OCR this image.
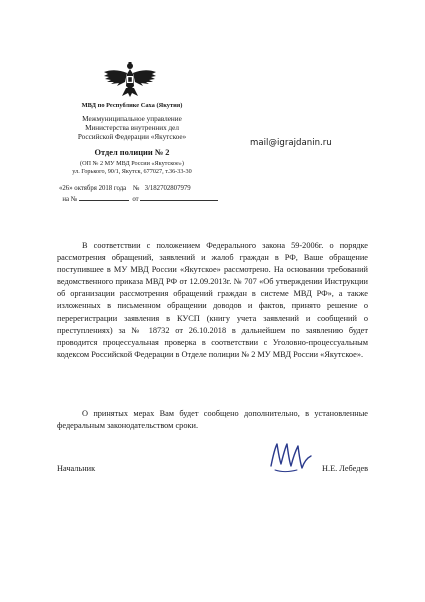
МВД по Республике Саха (Якутия)
Межмуниципальное управление
Министерства внутренних дел
Российской Федерации «Якутское»
Отдел полиции № 2
(ОП № 2 МУ МВД России «Якутское»)
ул. Горького, 90/1, Якутск, 677027, т.36-33-30
«26» октября 2018 года № 3/182702807979
на №	от
mail@igrajdanin.ru
В соответствии с положением Федерального закона 59-2006г. о порядке рассмотрения обращений, заявлений и жалоб граждан в РФ, Ваше обращение поступившее в МУ МВД России «Якутское» рассмотрено. На основании требований ведомственного приказа МВД РФ от 12.09.2013г. № 707 «Об утверждении Инструкции об организации рассмотрения обращений граждан в системе МВД РФ», а также изложенных в письменном обращении доводов и фактов, принято решение о перерегистрации заявления в КУСП (книгу учета заявлений и сообщений о преступлениях) за № 18732 от 26.10.2018 в дальнейшем по заявлению будет проводится процессуальная проверка в соответствии с Уголовно-процессуальным кодексом Российской Федерации в Отделе полиции № 2 МУ МВД России «Якутское».
О принятых мерах Вам будет сообщено дополнительно, в установленные федеральным законодательством сроки.
Начальник	Н.Е. Лебедев
